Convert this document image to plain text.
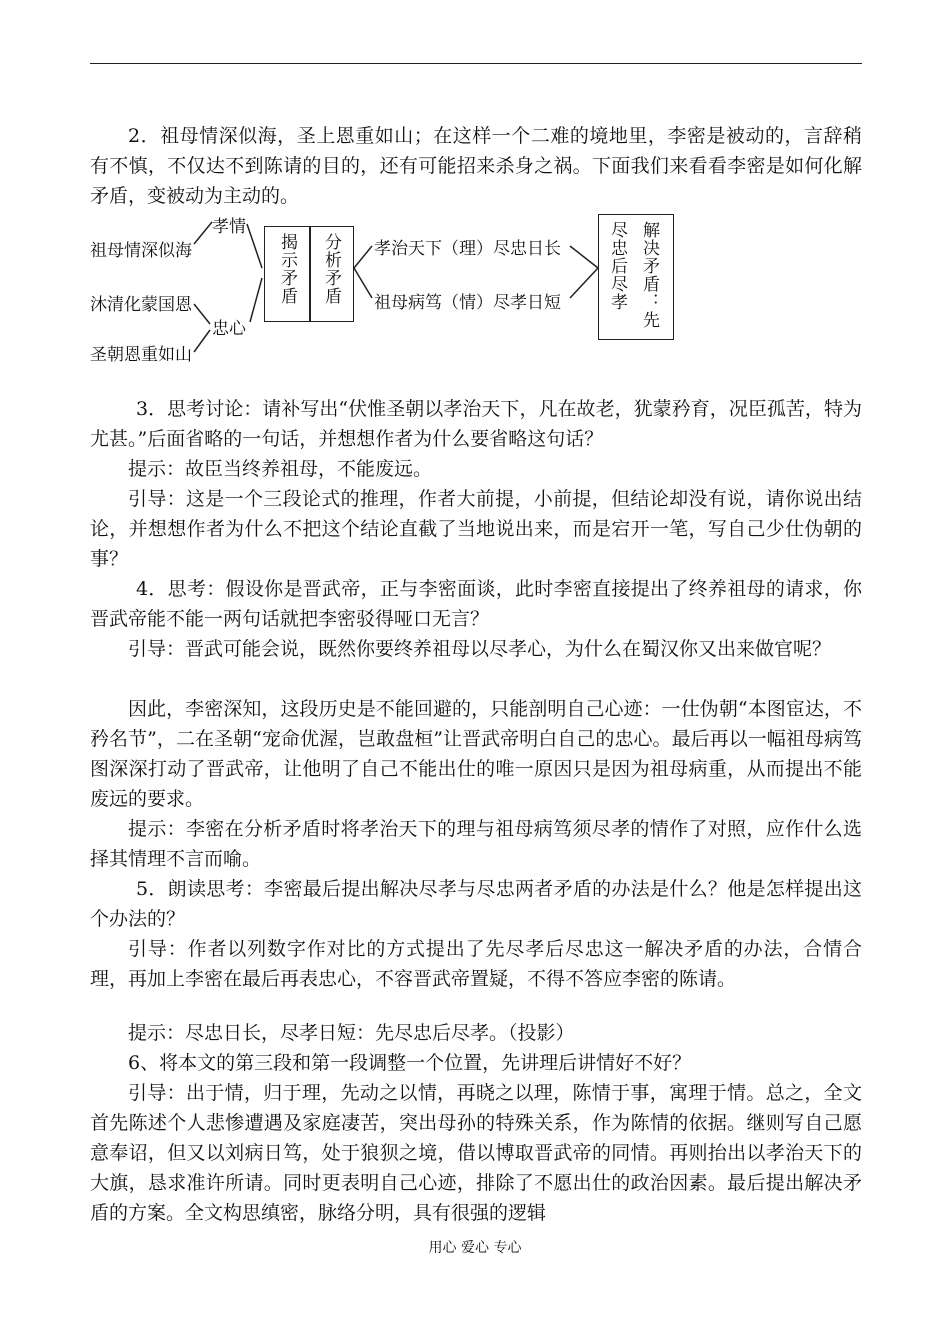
2．祖母情深似海，圣上恩重如山；在这样一个二难的境地里，李密是被动的，言辞稍有不慎，不仅达不到陈请的目的，还有可能招来杀身之祸。下面我们来看看李密是如何化解矛盾，变被动为主动的。

祖母情深似海
沐清化蒙国恩
圣朝恩重如山
孝情
忠心
揭示矛盾 分析矛盾 孝治天下（理）尽忠日长
祖母病笃（情）尽孝日短	尽忠后尽孝 解决矛盾：先

3．思考讨论：请补写出“伏惟圣朝以孝治天下，凡在故老，犹蒙矜育，况臣孤苦，特为尤甚。”后面省略的一句话，并想想作者为什么要省略这句话？

提示：故臣当终养祖母，不能废远。

引导：这是一个三段论式的推理，作者大前提，小前提，但结论却没有说，请你说出结论，并想想作者为什么不把这个结论直截了当地说出来，而是宕开一笔，写自己少仕伪朝的事？

4．思考：假设你是晋武帝，正与李密面谈，此时李密直接提出了终养祖母的请求，你晋武帝能不能一两句话就把李密驳得哑口无言？

引导：晋武可能会说，既然你要终养祖母以尽孝心，为什么在蜀汉你又出来做官呢？

因此，李密深知，这段历史是不能回避的，只能剖明自己心迹：一仕伪朝“本图宦达，不矜名节”，二在圣朝“宠命优渥，岂敢盘桓”让晋武帝明白自己的忠心。最后再以一幅祖母病笃图深深打动了晋武帝，让他明了自己不能出仕的唯一原因只是因为祖母病重，从而提出不能废远的要求。

提示：李密在分析矛盾时将孝治天下的理与祖母病笃须尽孝的情作了对照，应作什么选择其情理不言而喻。

5．朗读思考：李密最后提出解决尽孝与尽忠两者矛盾的办法是什么？他是怎样提出这个办法的？

引导：作者以列数字作对比的方式提出了先尽孝后尽忠这一解决矛盾的办法，合情合理，再加上李密在最后再表忠心，不容晋武帝置疑，不得不答应李密的陈请。

提示：尽忠日长，尽孝日短：先尽忠后尽孝。（投影）

6、将本文的第三段和第一段调整一个位置，先讲理后讲情好不好？

引导：出于情，归于理，先动之以情，再晓之以理，陈情于事，寓理于情。总之，全文首先陈述个人悲惨遭遇及家庭凄苦，突出母孙的特殊关系，作为陈情的依据。继则写自己愿意奉诏，但又以刘病日笃，处于狼狈之境，借以博取晋武帝的同情。再则抬出以孝治天下的大旗，恳求准许所请。同时更表明自己心迹，排除了不愿出仕的政治因素。最后提出解决矛盾的方案。全文构思缜密，脉络分明，具有很强的逻辑

用心 爱心 专心
